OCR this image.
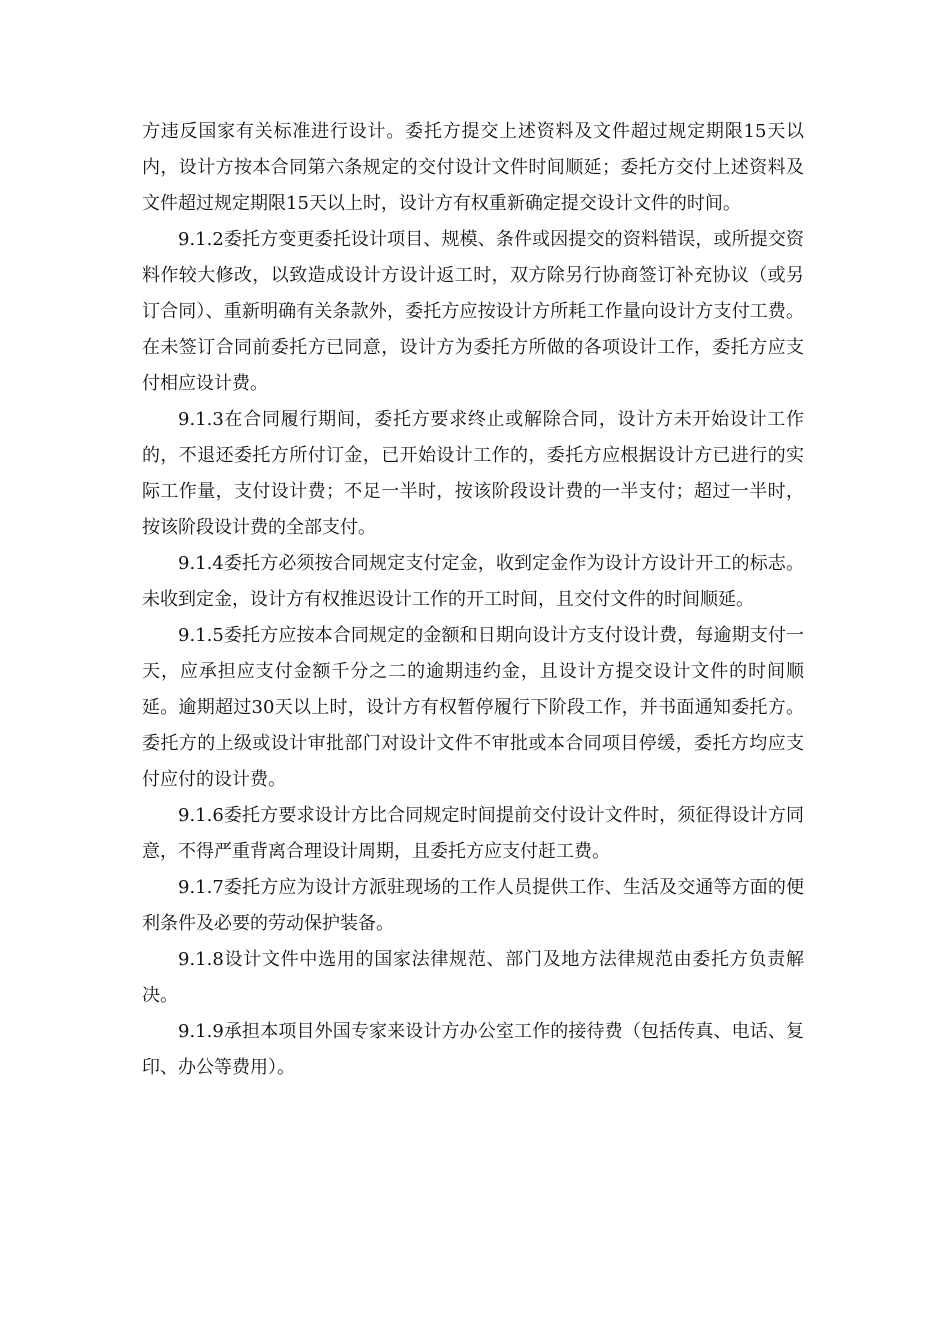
方违反国家有关标准进行设计。委托方提交上述资料及文件超过规定期限15天以内，设计方按本合同第六条规定的交付设计文件时间顺延；委托方交付上述资料及文件超过规定期限15天以上时，设计方有权重新确定提交设计文件的时间。

9.1.2委托方变更委托设计项目、规模、条件或因提交的资料错误，或所提交资料作较大修改，以致造成设计方设计返工时，双方除另行协商签订补充协议（或另订合同）、重新明确有关条款外，委托方应按设计方所耗工作量向设计方支付工费。在未签订合同前委托方已同意，设计方为委托方所做的各项设计工作，委托方应支付相应设计费。

9.1.3在合同履行期间，委托方要求终止或解除合同，设计方未开始设计工作的，不退还委托方所付订金，已开始设计工作的，委托方应根据设计方已进行的实际工作量，支付设计费；不足一半时，按该阶段设计费的一半支付；超过一半时，按该阶段设计费的全部支付。

9.1.4委托方必须按合同规定支付定金，收到定金作为设计方设计开工的标志。未收到定金，设计方有权推迟设计工作的开工时间，且交付文件的时间顺延。

9.1.5委托方应按本合同规定的金额和日期向设计方支付设计费，每逾期支付一天，应承担应支付金额千分之二的逾期违约金，且设计方提交设计文件的时间顺延。逾期超过30天以上时，设计方有权暂停履行下阶段工作，并书面通知委托方。委托方的上级或设计审批部门对设计文件不审批或本合同项目停缓，委托方均应支付应付的设计费。

9.1.6委托方要求设计方比合同规定时间提前交付设计文件时，须征得设计方同意，不得严重背离合理设计周期，且委托方应支付赶工费。

9.1.7委托方应为设计方派驻现场的工作人员提供工作、生活及交通等方面的便利条件及必要的劳动保护装备。

9.1.8设计文件中选用的国家法律规范、部门及地方法律规范由委托方负责解决。

9.1.9承担本项目外国专家来设计方办公室工作的接待费（包括传真、电话、复印、办公等费用）。
